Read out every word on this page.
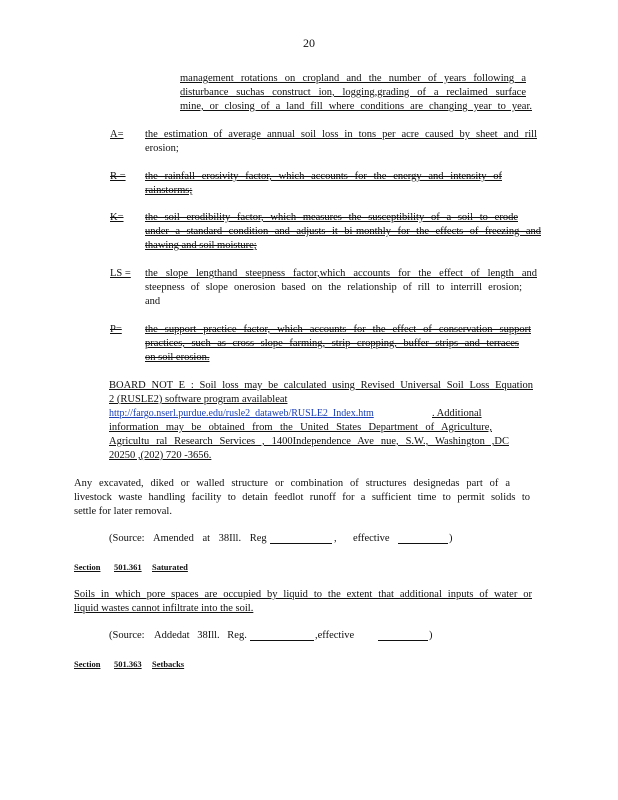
20
management rotations on cropland and the number of years following a
disturbance suchas construct ion, logging,grading of a reclaimed surface
mine, or closing of a land fill where conditions are changing year to year.
A=	the estimation of average annual soil loss in tons per acre caused by sheet and rill
erosion;
R =	the rainfall erosivity factor, which accounts for the energy and intensity of
rainstorms;
K=	the soil erodibility factor, which measures the susceptibility of a soil to erode
under a standard condition and adjusts it bi-monthly for the effects of freezing and
thawing and soil moisture;
LS =	the slope lengthand steepness factor,which accounts for the effect of length and
steepness of slope onerosion based on the relationship of rill to interrill erosion;
and
P=	the support practice factor, which accounts for the effect of conservation support
practices, such as cross slope farming, strip cropping, buffer strips and terraces
on soil erosion.
BOARD NOT E : Soil loss may be calculated using Revised Universal Soil Loss Equation
2 (RUSLE2) software program availableat
http://fargo.nserl.purdue.edu/rusle2_dataweb/RUSLE2_Index.htm	. Additional
information may be obtained from the United States Department of Agriculture,
Agricultu ral Research Services , 1400Independence Ave nue, S.W., Washington ,DC
20250 ,(202) 720 -3656.
Any excavated, diked or walled structure or combination of structures designedas part of a
livestock waste handling facility to detain feedlot runoff for a sufficient time to permit solids to
settle for later removal.
(Source: Amended at 38Ill. Reg	, effective	)
Section 501.361 Saturated
Soils in which pore spaces are occupied by liquid to the extent that additional inputs of water or
liquid wastes cannot infiltrate into the soil.
(Source: Addedat 38Ill. Reg.	,effective	)
Section 501.363 Setbacks
